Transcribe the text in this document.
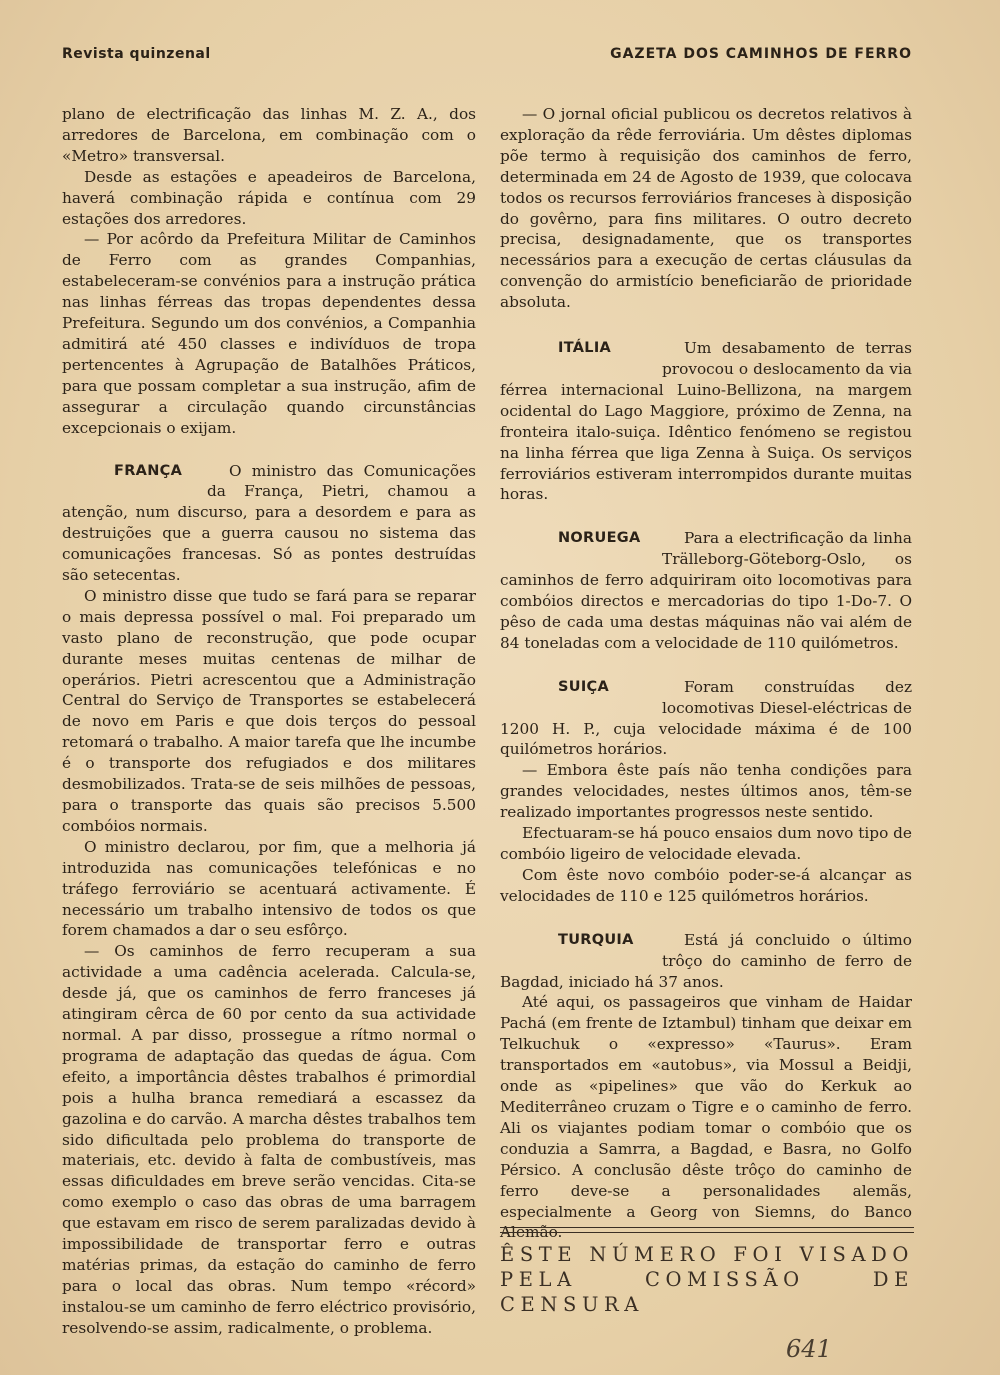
Revista quinzenal	GAZETA DOS CAMINHOS DE FERRO

plano de electrificação das linhas M. Z. A., dos arredores de Barcelona, em combinação com o «Metro» transversal.

Desde as estações e apeadeiros de Barcelona, haverá combinação rápida e contínua com 29 estações dos arredores.

— Por acôrdo da Prefeitura Militar de Caminhos de Ferro com as grandes Companhias, estabeleceram-se convénios para a instrução prática nas linhas férreas das tropas dependentes dessa Prefeitura. Segundo um dos convénios, a Companhia admitirá até 450 classes e indivíduos de tropa pertencentes à Agrupação de Batalhões Práticos, para que possam completar a sua instrução, afim de assegurar a circulação quando circunstâncias excepcionais o exijam.

FRANÇA	O ministro das Comunicações da França, Pietri, chamou a atenção, num discurso, para a desordem e para as destruições que a guerra causou no sistema das comunicações francesas. Só as pontes destruídas são setecentas.

O ministro disse que tudo se fará para se reparar o mais depressa possível o mal. Foi preparado um vasto plano de reconstrução, que pode ocupar durante meses muitas centenas de milhar de operários. Pietri acrescentou que a Administração Central do Serviço de Transportes se estabelecerá de novo em Paris e que dois terços do pessoal retomará o trabalho. A maior tarefa que lhe incumbe é o transporte dos refugiados e dos militares desmobilizados. Trata-se de seis milhões de pessoas, para o transporte das quais são precisos 5.500 combóios normais.

O ministro declarou, por fim, que a melhoria já introduzida nas comunicações telefónicas e no tráfego ferroviário se acentuará activamente. É necessário um trabalho intensivo de todos os que forem chamados a dar o seu esfôrço.

— Os caminhos de ferro recuperam a sua actividade a uma cadência acelerada. Calcula-se, desde já, que os caminhos de ferro franceses já atingiram cêrca de 60 por cento da sua actividade normal. A par disso, prossegue a rítmo normal o programa de adaptação das quedas de água. Com efeito, a importância dêstes trabalhos é primordial pois a hulha branca remediará a escassez da gazolina e do carvão. A marcha dêstes trabalhos tem sido dificultada pelo problema do transporte de materiais, etc. devido à falta de combustíveis, mas essas dificuldades em breve serão vencidas. Cita-se como exemplo o caso das obras de uma barragem que estavam em risco de serem paralizadas devido à impossibilidade de transportar ferro e outras matérias primas, da estação do caminho de ferro para o local das obras. Num tempo «récord» instalou-se um caminho de ferro eléctrico provisório, resolvendo-se assim, radicalmente, o problema.

— O jornal oficial publicou os decretos relativos à exploração da rêde ferroviária. Um dêstes diplomas põe termo à requisição dos caminhos de ferro, determinada em 24 de Agosto de 1939, que colocava todos os recursos ferroviários franceses à disposição do govêrno, para fins militares. O outro decreto precisa, designadamente, que os transportes necessários para a execução de certas cláusulas da convenção do armistício beneficiarão de prioridade absoluta.

ITÁLIA	Um desabamento de terras provocou o deslocamento da via férrea internacional Luino-Bellizona, na margem ocidental do Lago Maggiore, próximo de Zenna, na fronteira italo-suiça. Idêntico fenómeno se registou na linha férrea que liga Zenna à Suiça. Os serviços ferroviários estiveram interrompidos durante muitas horas.

NORUEGA	Para a electrificação da linha Trälleborg-Göteborg-Oslo, os caminhos de ferro adquiriram oito locomotivas para combóios directos e mercadorias do tipo 1-Do-7. O pêso de cada uma destas máquinas não vai além de 84 toneladas com a velocidade de 110 quilómetros.

SUIÇA	Foram construídas dez locomotivas Diesel-eléctricas de 1200 H. P., cuja velocidade máxima é de 100 quilómetros horários.

— Embora êste país não tenha condições para grandes velocidades, nestes últimos anos, têm-se realizado importantes progressos neste sentido.

Efectuaram-se há pouco ensaios dum novo tipo de combóio ligeiro de velocidade elevada.

Com êste novo combóio poder-se-á alcançar as velocidades de 110 e 125 quilómetros horários.

TURQUIA	Está já concluido o último trôço do caminho de ferro de Bagdad, iniciado há 37 anos.

Até aqui, os passageiros que vinham de Haidar Pachá (em frente de Iztambul) tinham que deixar em Telkuchuk o «expresso» «Taurus». Eram transportados em «autobus», via Mossul a Beidji, onde as «pipelines» que vão do Kerkuk ao Mediterrâneo cruzam o Tigre e o caminho de ferro. Ali os viajantes podiam tomar o combóio que os conduzia a Samrra, a Bagdad, e Basra, no Golfo Pérsico. A conclusão dêste trôço do caminho de ferro deve-se a personalidades alemãs, especialmente a Georg von Siemns, do Banco Alemão.

ÊSTE NÚMERO FOI VISADO
PELA COMISSÃO DE CENSURA
641
